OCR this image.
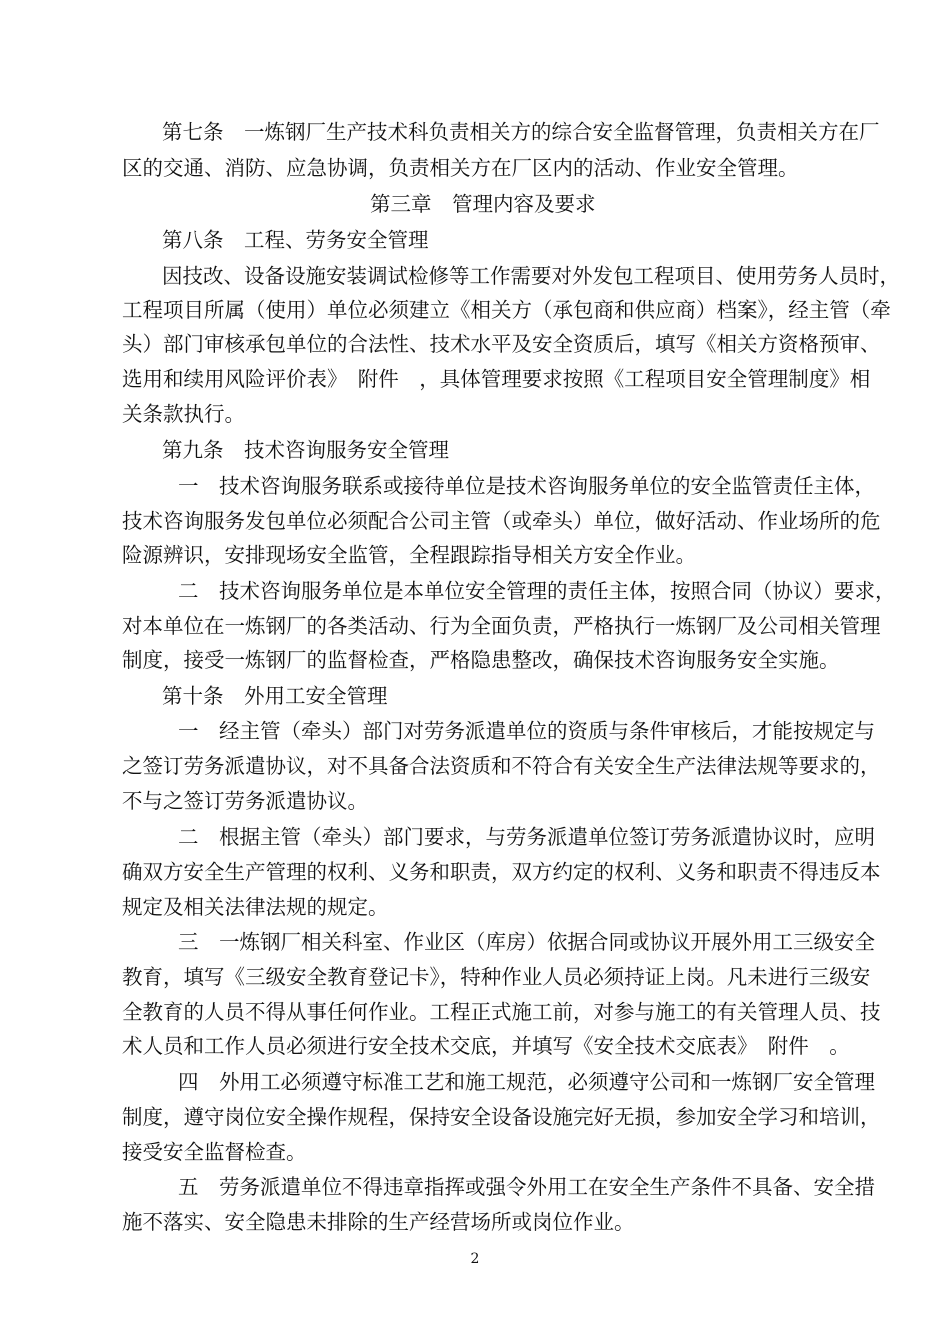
第七条　一炼钢厂生产技术科负责相关方的综合安全监督管理，负责相关方在厂
区的交通、消防、应急协调，负责相关方在厂区内的活动、作业安全管理。
第三章　管理内容及要求
第八条　工程、劳务安全管理
因技改、设备设施安装调试检修等工作需要对外发包工程项目、使用劳务人员时，
工程项目所属（使用）单位必须建立《相关方（承包商和供应商）档案》，经主管（牵
头）部门审核承包单位的合法性、技术水平及安全资质后，填写《相关方资格预审、
选用和续用风险评价表》　附件　，具体管理要求按照《工程项目安全管理制度》相
关条款执行。
第九条　技术咨询服务安全管理
一　技术咨询服务联系或接待单位是技术咨询服务单位的安全监管责任主体，
技术咨询服务发包单位必须配合公司主管（或牵头）单位，做好活动、作业场所的危
险源辨识，安排现场安全监管，全程跟踪指导相关方安全作业。
二　技术咨询服务单位是本单位安全管理的责任主体，按照合同（协议）要求，
对本单位在一炼钢厂的各类活动、行为全面负责，严格执行一炼钢厂及公司相关管理
制度，接受一炼钢厂的监督检查，严格隐患整改，确保技术咨询服务安全实施。
第十条　外用工安全管理
一　经主管（牵头）部门对劳务派遣单位的资质与条件审核后，才能按规定与
之签订劳务派遣协议，对不具备合法资质和不符合有关安全生产法律法规等要求的，
不与之签订劳务派遣协议。
二　根据主管（牵头）部门要求，与劳务派遣单位签订劳务派遣协议时，应明
确双方安全生产管理的权利、义务和职责，双方约定的权利、义务和职责不得违反本
规定及相关法律法规的规定。
三　一炼钢厂相关科室、作业区（库房）依据合同或协议开展外用工三级安全
教育，填写《三级安全教育登记卡》，特种作业人员必须持证上岗。凡未进行三级安
全教育的人员不得从事任何作业。工程正式施工前，对参与施工的有关管理人员、技
术人员和工作人员必须进行安全技术交底，并填写《安全技术交底表》　附件　。
四　外用工必须遵守标准工艺和施工规范，必须遵守公司和一炼钢厂安全管理
制度，遵守岗位安全操作规程，保持安全设备设施完好无损，参加安全学习和培训，
接受安全监督检查。
五　劳务派遣单位不得违章指挥或强令外用工在安全生产条件不具备、安全措
施不落实、安全隐患未排除的生产经营场所或岗位作业。
2
